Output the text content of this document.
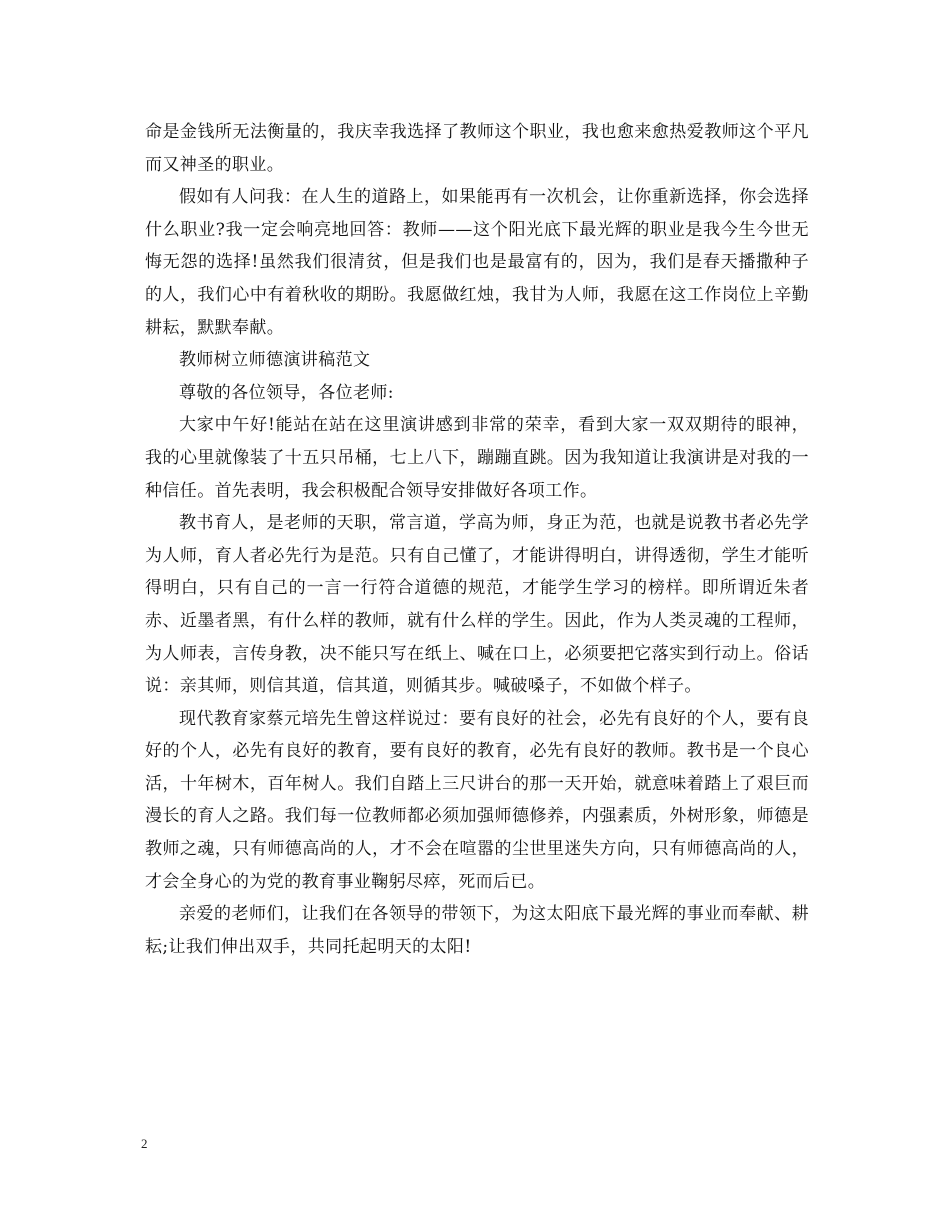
命是金钱所无法衡量的，我庆幸我选择了教师这个职业，我也愈来愈热爱教师这个平凡而又神圣的职业。

假如有人问我：在人生的道路上，如果能再有一次机会，让你重新选择，你会选择什么职业?我一定会响亮地回答：教师——这个阳光底下最光辉的职业是我今生今世无悔无怨的选择!虽然我们很清贫，但是我们也是最富有的，因为，我们是春天播撒种子的人，我们心中有着秋收的期盼。我愿做红烛，我甘为人师，我愿在这工作岗位上辛勤耕耘，默默奉献。

教师树立师德演讲稿范文

尊敬的各位领导，各位老师:

大家中午好!能站在站在这里演讲感到非常的荣幸，看到大家一双双期待的眼神，我的心里就像装了十五只吊桶，七上八下，蹦蹦直跳。因为我知道让我演讲是对我的一种信任。首先表明，我会积极配合领导安排做好各项工作。

教书育人，是老师的天职，常言道，学高为师，身正为范，也就是说教书者必先学为人师，育人者必先行为是范。只有自己懂了，才能讲得明白，讲得透彻，学生才能听得明白，只有自己的一言一行符合道德的规范，才能学生学习的榜样。即所谓近朱者赤、近墨者黑，有什么样的教师，就有什么样的学生。因此，作为人类灵魂的工程师，为人师表，言传身教，决不能只写在纸上、喊在口上，必须要把它落实到行动上。俗话说：亲其师，则信其道，信其道，则循其步。喊破嗓子，不如做个样子。

现代教育家蔡元培先生曾这样说过：要有良好的社会，必先有良好的个人，要有良好的个人，必先有良好的教育，要有良好的教育，必先有良好的教师。教书是一个良心活，十年树木，百年树人。我们自踏上三尺讲台的那一天开始，就意味着踏上了艰巨而漫长的育人之路。我们每一位教师都必须加强师德修养，内强素质，外树形象，师德是教师之魂，只有师德高尚的人，才不会在喧嚣的尘世里迷失方向，只有师德高尚的人，才会全身心的为党的教育事业鞠躬尽瘁，死而后已。

亲爱的老师们，让我们在各领导的带领下，为这太阳底下最光辉的事业而奉献、耕耘;让我们伸出双手，共同托起明天的太阳!

2
